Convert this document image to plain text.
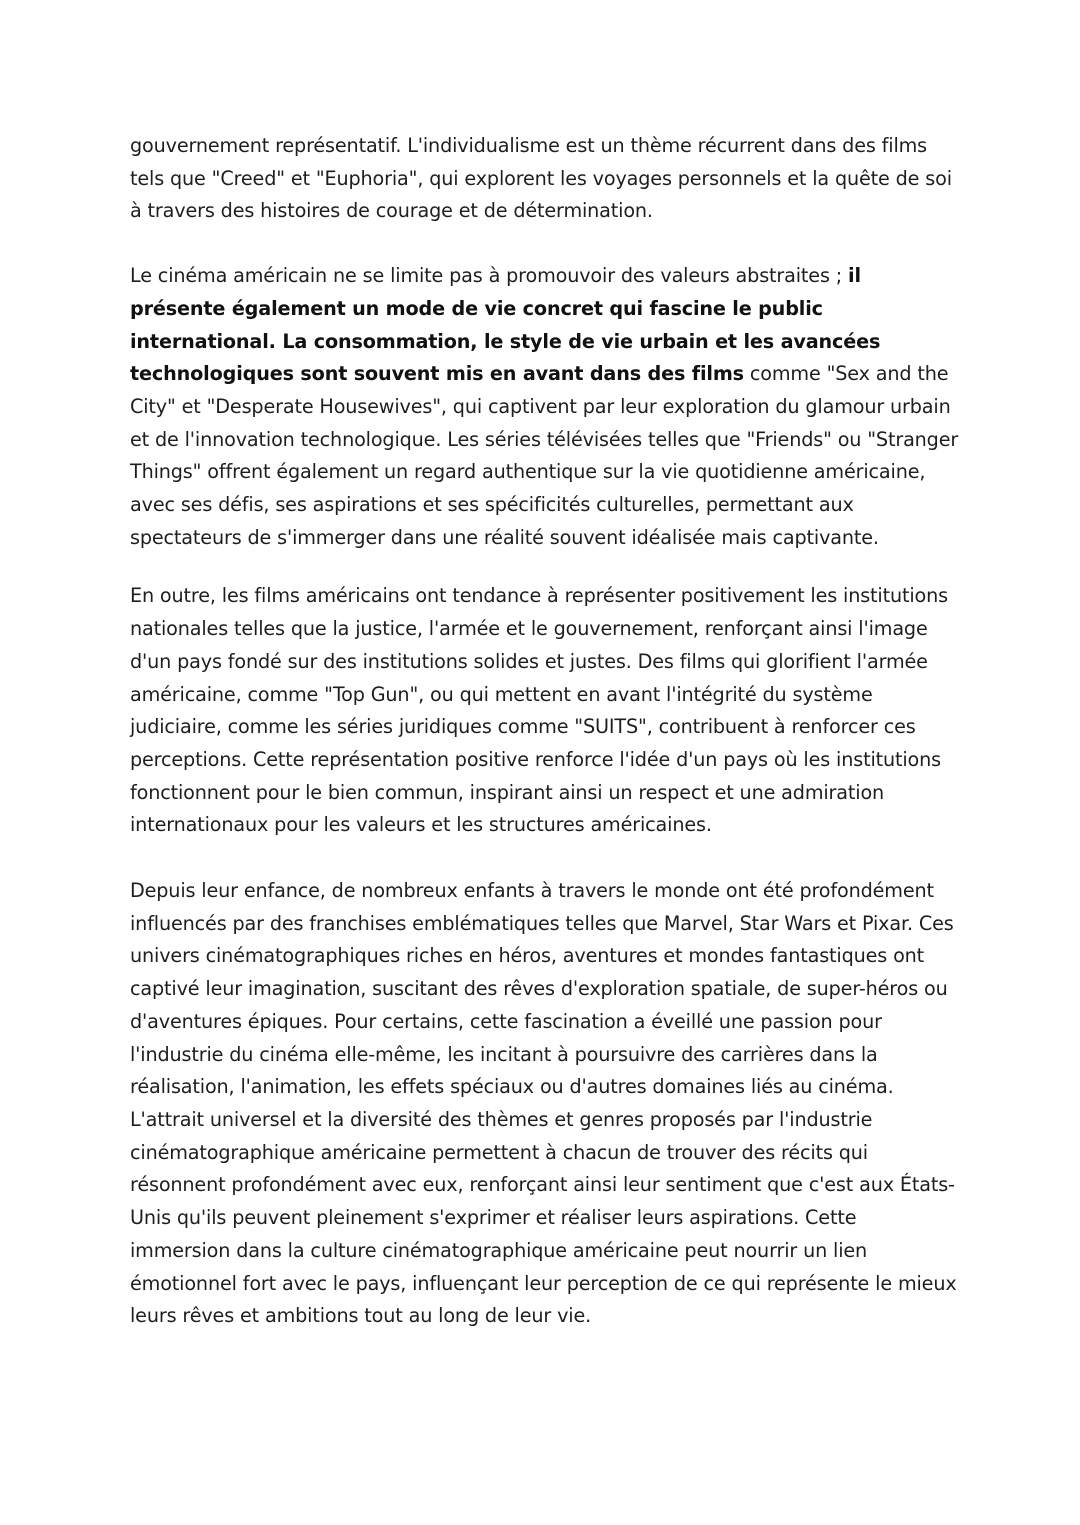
gouvernement représentatif. L'individualisme est un thème récurrent dans des films tels que "Creed" et "Euphoria", qui explorent les voyages personnels et la quête de soi à travers des histoires de courage et de détermination.

Le cinéma américain ne se limite pas à promouvoir des valeurs abstraites ; il présente également un mode de vie concret qui fascine le public international. La consommation, le style de vie urbain et les avancées technologiques sont souvent mis en avant dans des films comme "Sex and the City" et "Desperate Housewives", qui captivent par leur exploration du glamour urbain et de l'innovation technologique. Les séries télévisées telles que "Friends" ou "Stranger Things" offrent également un regard authentique sur la vie quotidienne américaine, avec ses défis, ses aspirations et ses spécificités culturelles, permettant aux spectateurs de s'immerger dans une réalité souvent idéalisée mais captivante.

En outre, les films américains ont tendance à représenter positivement les institutions nationales telles que la justice, l'armée et le gouvernement, renforçant ainsi l'image d'un pays fondé sur des institutions solides et justes. Des films qui glorifient l'armée américaine, comme "Top Gun", ou qui mettent en avant l'intégrité du système judiciaire, comme les séries juridiques comme "SUITS", contribuent à renforcer ces perceptions. Cette représentation positive renforce l'idée d'un pays où les institutions fonctionnent pour le bien commun, inspirant ainsi un respect et une admiration internationaux pour les valeurs et les structures américaines.

Depuis leur enfance, de nombreux enfants à travers le monde ont été profondément influencés par des franchises emblématiques telles que Marvel, Star Wars et Pixar. Ces univers cinématographiques riches en héros, aventures et mondes fantastiques ont captivé leur imagination, suscitant des rêves d'exploration spatiale, de super-héros ou d'aventures épiques. Pour certains, cette fascination a éveillé une passion pour l'industrie du cinéma elle-même, les incitant à poursuivre des carrières dans la réalisation, l'animation, les effets spéciaux ou d'autres domaines liés au cinéma. L'attrait universel et la diversité des thèmes et genres proposés par l'industrie cinématographique américaine permettent à chacun de trouver des récits qui résonnent profondément avec eux, renforçant ainsi leur sentiment que c'est aux États-Unis qu'ils peuvent pleinement s'exprimer et réaliser leurs aspirations. Cette immersion dans la culture cinématographique américaine peut nourrir un lien émotionnel fort avec le pays, influençant leur perception de ce qui représente le mieux leurs rêves et ambitions tout au long de leur vie.
